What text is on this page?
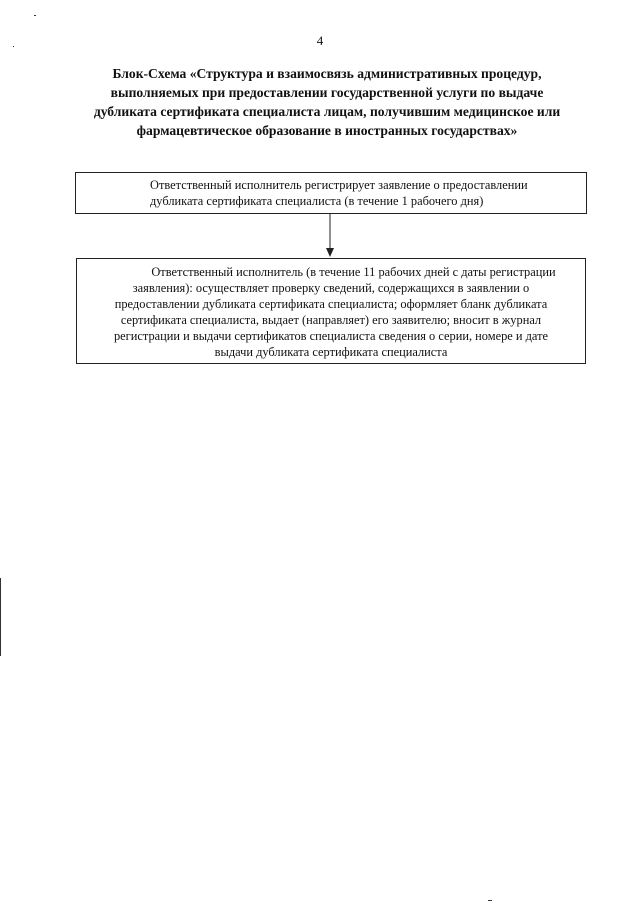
4
Блок-Схема «Структура и взаимосвязь административных процедур,
выполняемых при предоставлении государственной услуги по выдаче
дубликата сертификата специалиста лицам, получившим медицинское или
фармацевтическое образование в иностранных государствах»
Ответственный исполнитель регистрирует заявление о предоставлении
дубликата сертификата специалиста (в течение 1 рабочего дня)
Ответственный исполнитель (в течение 11 рабочих дней с даты регистрации
заявления): осуществляет проверку сведений, содержащихся в заявлении о
предоставлении дубликата сертификата специалиста; оформляет бланк дубликата
сертификата специалиста, выдает (направляет) его заявителю; вносит в журнал
регистрации и выдачи сертификатов специалиста сведения о серии, номере и дате
выдачи дубликата сертификата специалиста
